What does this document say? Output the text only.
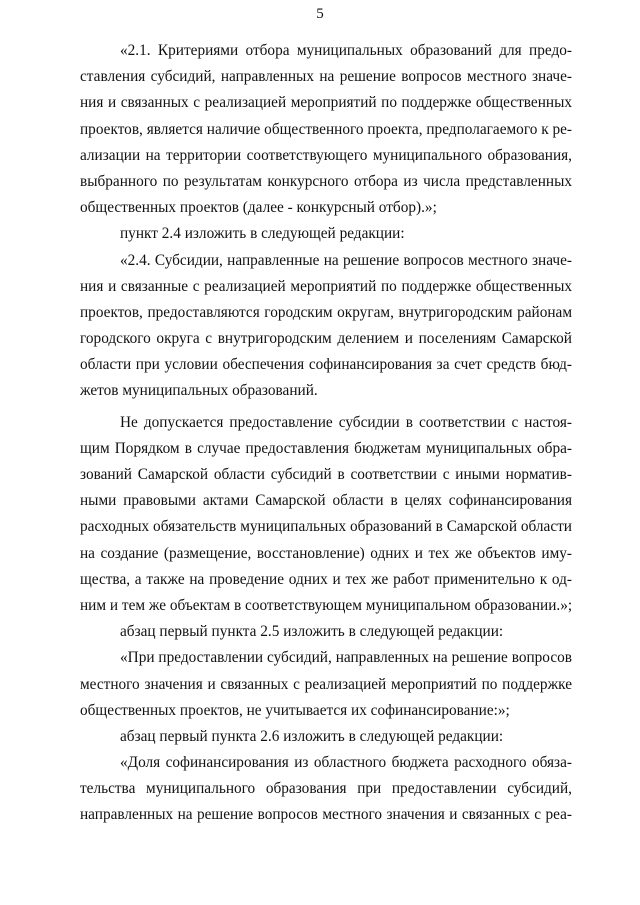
5
«2.1. Критериями отбора муниципальных образований для предо-
ставления субсидий, направленных на решение вопросов местного значе-
ния и связанных с реализацией мероприятий по поддержке общественных
проектов, является наличие общественного проекта, предполагаемого к ре-
ализации на территории соответствующего муниципального образования,
выбранного по результатам конкурсного отбора из числа представленных
общественных проектов (далее - конкурсный отбор).»;
пункт 2.4 изложить в следующей редакции:
«2.4. Субсидии, направленные на решение вопросов местного значе-
ния и связанные с реализацией мероприятий по поддержке общественных
проектов, предоставляются городским округам, внутригородским районам
городского округа с внутригородским делением и поселениям Самарской
области при условии обеспечения софинансирования за счет средств бюд-
жетов муниципальных образований.
Не допускается предоставление субсидии в соответствии с настоя-
щим Порядком в случае предоставления бюджетам муниципальных обра-
зований Самарской области субсидий в соответствии с иными норматив-
ными правовыми актами Самарской области в целях софинансирования
расходных обязательств муниципальных образований в Самарской области
на создание (размещение, восстановление) одних и тех же объектов иму-
щества, а также на проведение одних и тех же работ применительно к од-
ним и тем же объектам в соответствующем муниципальном образовании.»;
абзац первый пункта 2.5 изложить в следующей редакции:
«При предоставлении субсидий, направленных на решение вопросов
местного значения и связанных с реализацией мероприятий по поддержке
общественных проектов, не учитывается их софинансирование:»;
абзац первый пункта 2.6 изложить в следующей редакции:
«Доля софинансирования из областного бюджета расходного обяза-
тельства муниципального образования при предоставлении субсидий,
направленных на решение вопросов местного значения и связанных с реа-
